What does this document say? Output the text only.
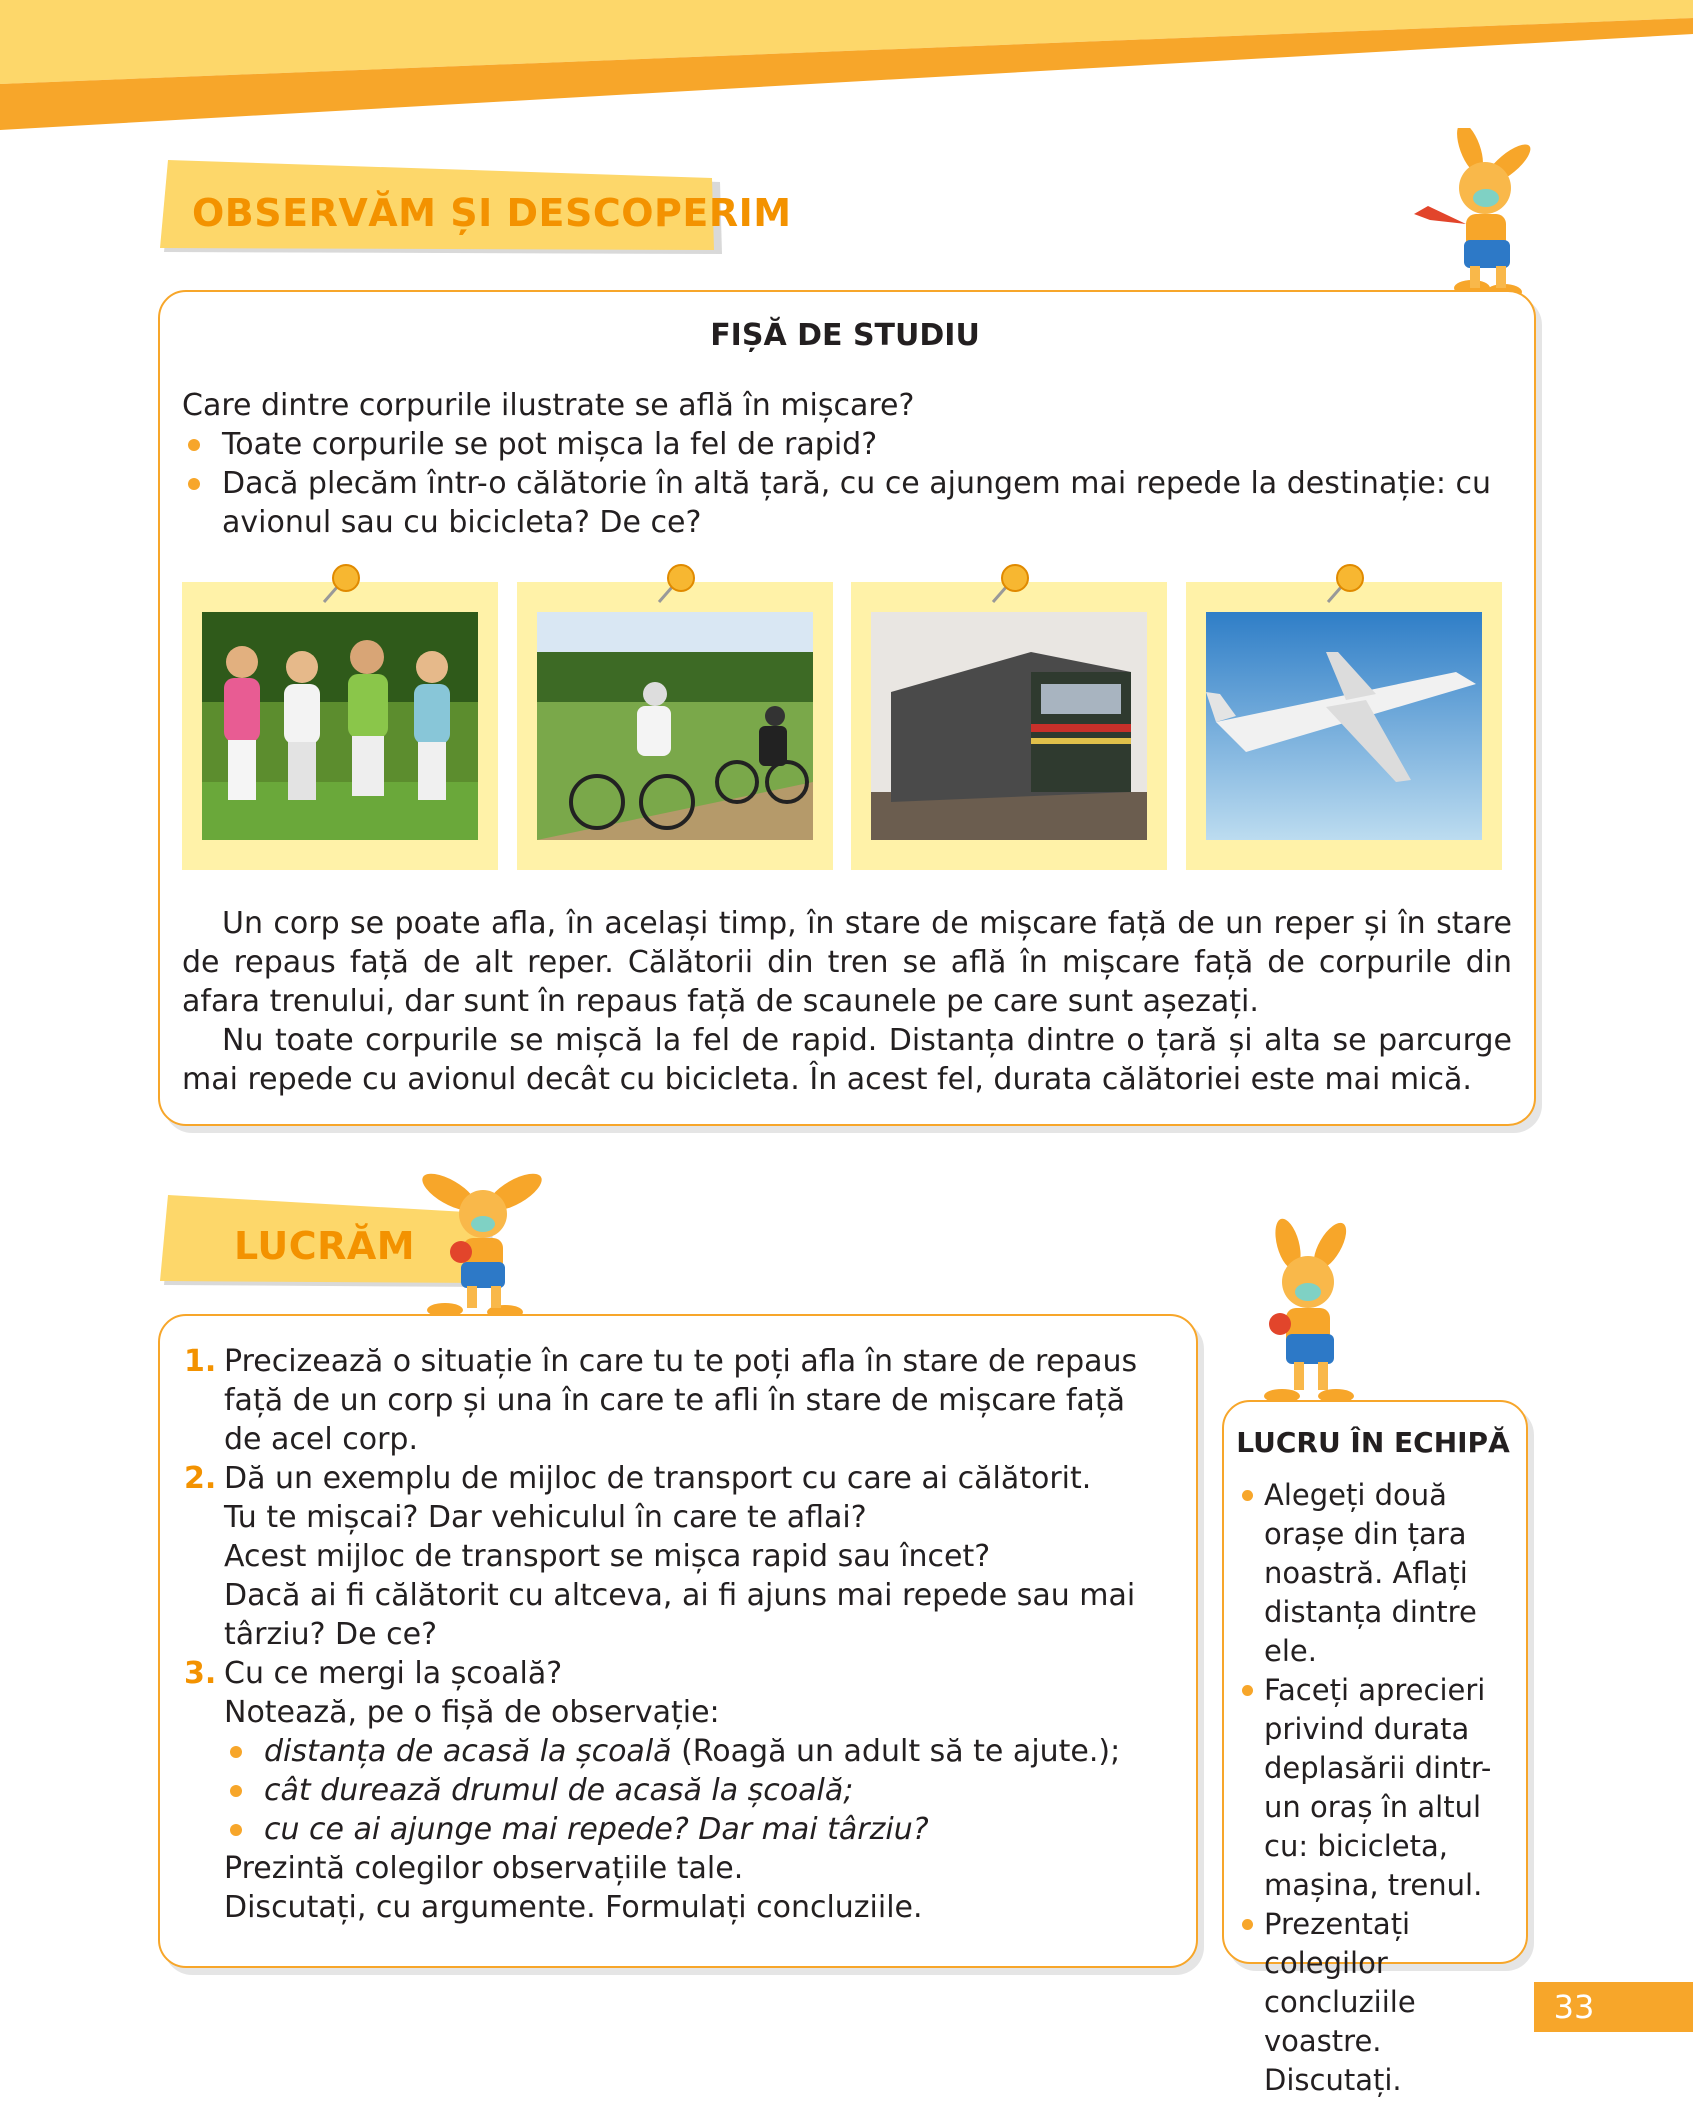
OBSERVĂM ȘI DESCOPERIM
FIȘĂ DE STUDIU
Care dintre corpurile ilustrate se află în mișcare?
Toate corpurile se pot mișca la fel de rapid?
Dacă plecăm într-o călătorie în altă țară, cu ce ajungem mai repede la destinație: cu avionul sau cu bicicleta? De ce?
Un corp se poate afla, în același timp, în stare de mișcare față de un reper și în stare de repaus față de alt reper. Călătorii din tren se află în mișcare față de corpurile din afara trenului, dar sunt în repaus față de scaunele pe care sunt așezați.
Nu toate corpurile se mișcă la fel de rapid. Distanța dintre o țară și alta se parcurge mai repede cu avionul decât cu bicicleta. În acest fel, durata călătoriei este mai mică.
LUCRĂM
1. Precizează o situație în care tu te poți afla în stare de repaus față de un corp și una în care te afli în stare de mișcare față de acel corp.
2. Dă un exemplu de mijloc de transport cu care ai călătorit.
Tu te mișcai? Dar vehiculul în care te aflai?
Acest mijloc de transport se mișca rapid sau încet?
Dacă ai fi călătorit cu altceva, ai fi ajuns mai repede sau mai târziu? De ce?
3. Cu ce mergi la școală?
Notează, pe o fișă de observație:
distanța de acasă la școală (Roagă un adult să te ajute.);
cât durează drumul de acasă la școală;
cu ce ai ajunge mai repede? Dar mai târziu?
Prezintă colegilor observațiile tale.
Discutați, cu argumente. Formulați concluziile.
LUCRU ÎN ECHIPĂ
Alegeți două orașe din țara noastră. Aflați distanța dintre ele.
Faceți aprecieri privind durata deplasării dintr-un oraș în altul cu: bicicleta, mașina, trenul.
Prezentați colegilor concluziile voastre. Discutați.
33
